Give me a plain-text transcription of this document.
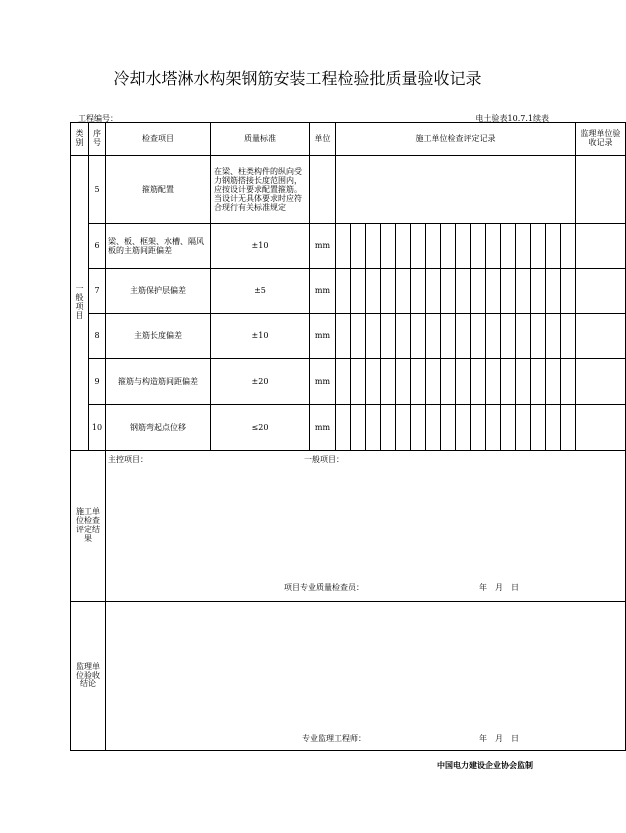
冷却水塔淋水构架钢筋安装工程检验批质量验收记录
工程编号：	电土验表10.7.1续表
类别	序号	检查项目	质量标准	单位	施工单位检查评定记录																监理单位验收记录

一般项目	5	箍筋配置	在梁、柱类构件的纵向受力钢筋搭接长度范围内，应按设计要求配置箍筋。当设计无具体要求时应符合现行有关标准规定																		
	6	梁、板、框架、水槽、隔风板的主筋间距偏差	±10	mm																	
	7	主筋保护层偏差	±5	mm																	
	8	主筋长度偏差	±10	mm																	
	9	箍筋与构造筋间距偏差	±20	mm																	
	10	钢筋弯起点位移	≤20	mm																	

施工单位检查评定结果		主控项目： 一般项目：
项目专业质量检查员： 年　月　日																			

监理单位验收结论		专业监理工程师： 年　月　日																			
中国电力建设企业协会监制
